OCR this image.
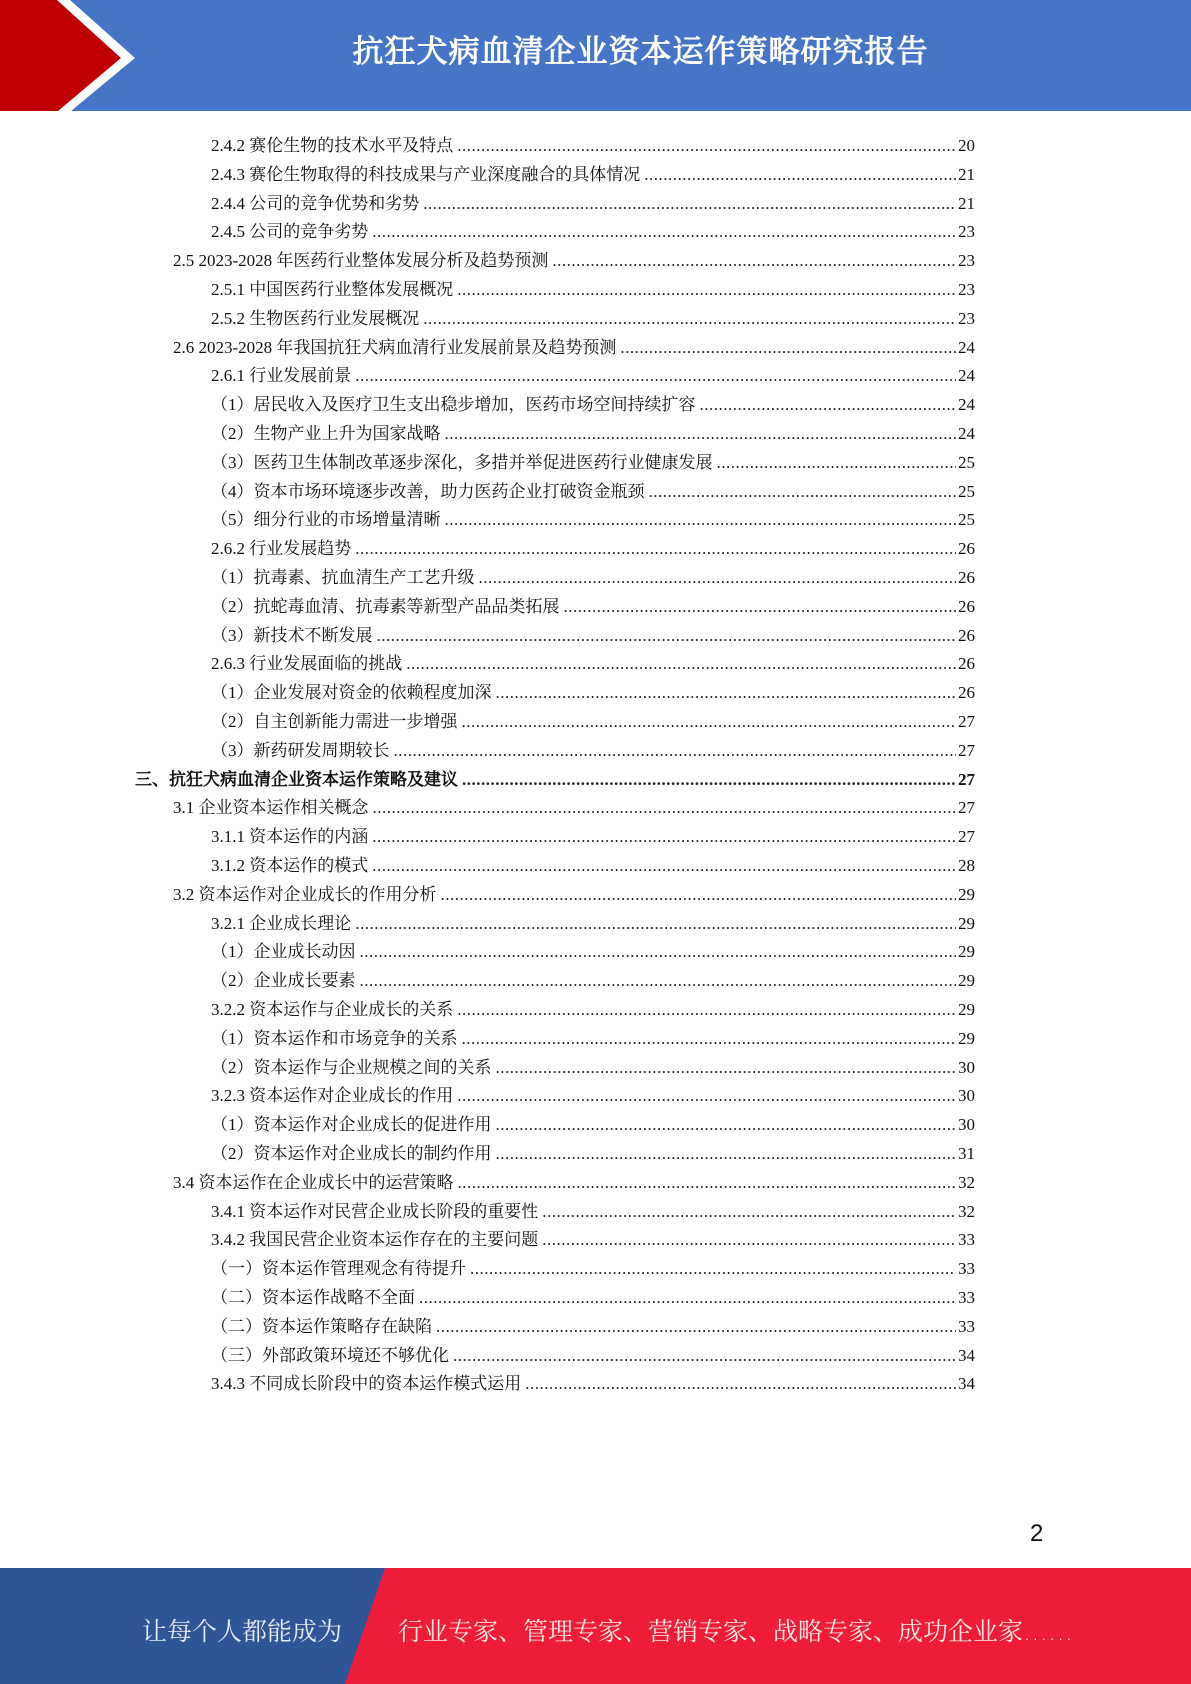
抗狂犬病血清企业资本运作策略研究报告
2.4.2 赛伦生物的技术水平及特点 .....	20
2.4.3 赛伦生物取得的科技成果与产业深度融合的具体情况 .....	21
2.4.4 公司的竞争优势和劣势 .....	21
2.4.5 公司的竞争劣势 .....	23
2.5 2023-2028 年医药行业整体发展分析及趋势预测 .....	23
2.5.1 中国医药行业整体发展概况 .....	23
2.5.2 生物医药行业发展概况 .....	23
2.6 2023-2028 年我国抗狂犬病血清行业发展前景及趋势预测 .....	24
2.6.1 行业发展前景 .....	24
（1）居民收入及医疗卫生支出稳步增加，医药市场空间持续扩容 .....	24
（2）生物产业上升为国家战略 .....	24
（3）医药卫生体制改革逐步深化，多措并举促进医药行业健康发展 .....	25
（4）资本市场环境逐步改善，助力医药企业打破资金瓶颈 .....	25
（5）细分行业的市场增量清晰 .....	25
2.6.2 行业发展趋势 .....	26
（1）抗毒素、抗血清生产工艺升级 .....	26
（2）抗蛇毒血清、抗毒素等新型产品品类拓展 .....	26
（3）新技术不断发展 .....	26
2.6.3 行业发展面临的挑战 .....	26
（1）企业发展对资金的依赖程度加深 .....	26
（2）自主创新能力需进一步增强 .....	27
（3）新药研发周期较长 .....	27
三、抗狂犬病血清企业资本运作策略及建议 .....	27
3.1 企业资本运作相关概念 .....	27
3.1.1 资本运作的内涵 .....	27
3.1.2 资本运作的模式 .....	28
3.2 资本运作对企业成长的作用分析 .....	29
3.2.1 企业成长理论 .....	29
（1）企业成长动因 .....	29
（2）企业成长要素 .....	29
3.2.2 资本运作与企业成长的关系 .....	29
（1）资本运作和市场竞争的关系 .....	29
（2）资本运作与企业规模之间的关系 .....	30
3.2.3 资本运作对企业成长的作用 .....	30
（1）资本运作对企业成长的促进作用 .....	30
（2）资本运作对企业成长的制约作用 .....	31
3.4 资本运作在企业成长中的运营策略 .....	32
3.4.1 资本运作对民营企业成长阶段的重要性 .....	32
3.4.2 我国民营企业资本运作存在的主要问题 .....	33
（一）资本运作管理观念有待提升 .....	33
（二）资本运作战略不全面 .....	33
（二）资本运作策略存在缺陷 .....	33
（三）外部政策环境还不够优化 .....	34
3.4.3 不同成长阶段中的资本运作模式运用 .....	34
2
让每个人都能成为 行业专家、管理专家、营销专家、战略专家、成功企业家……
